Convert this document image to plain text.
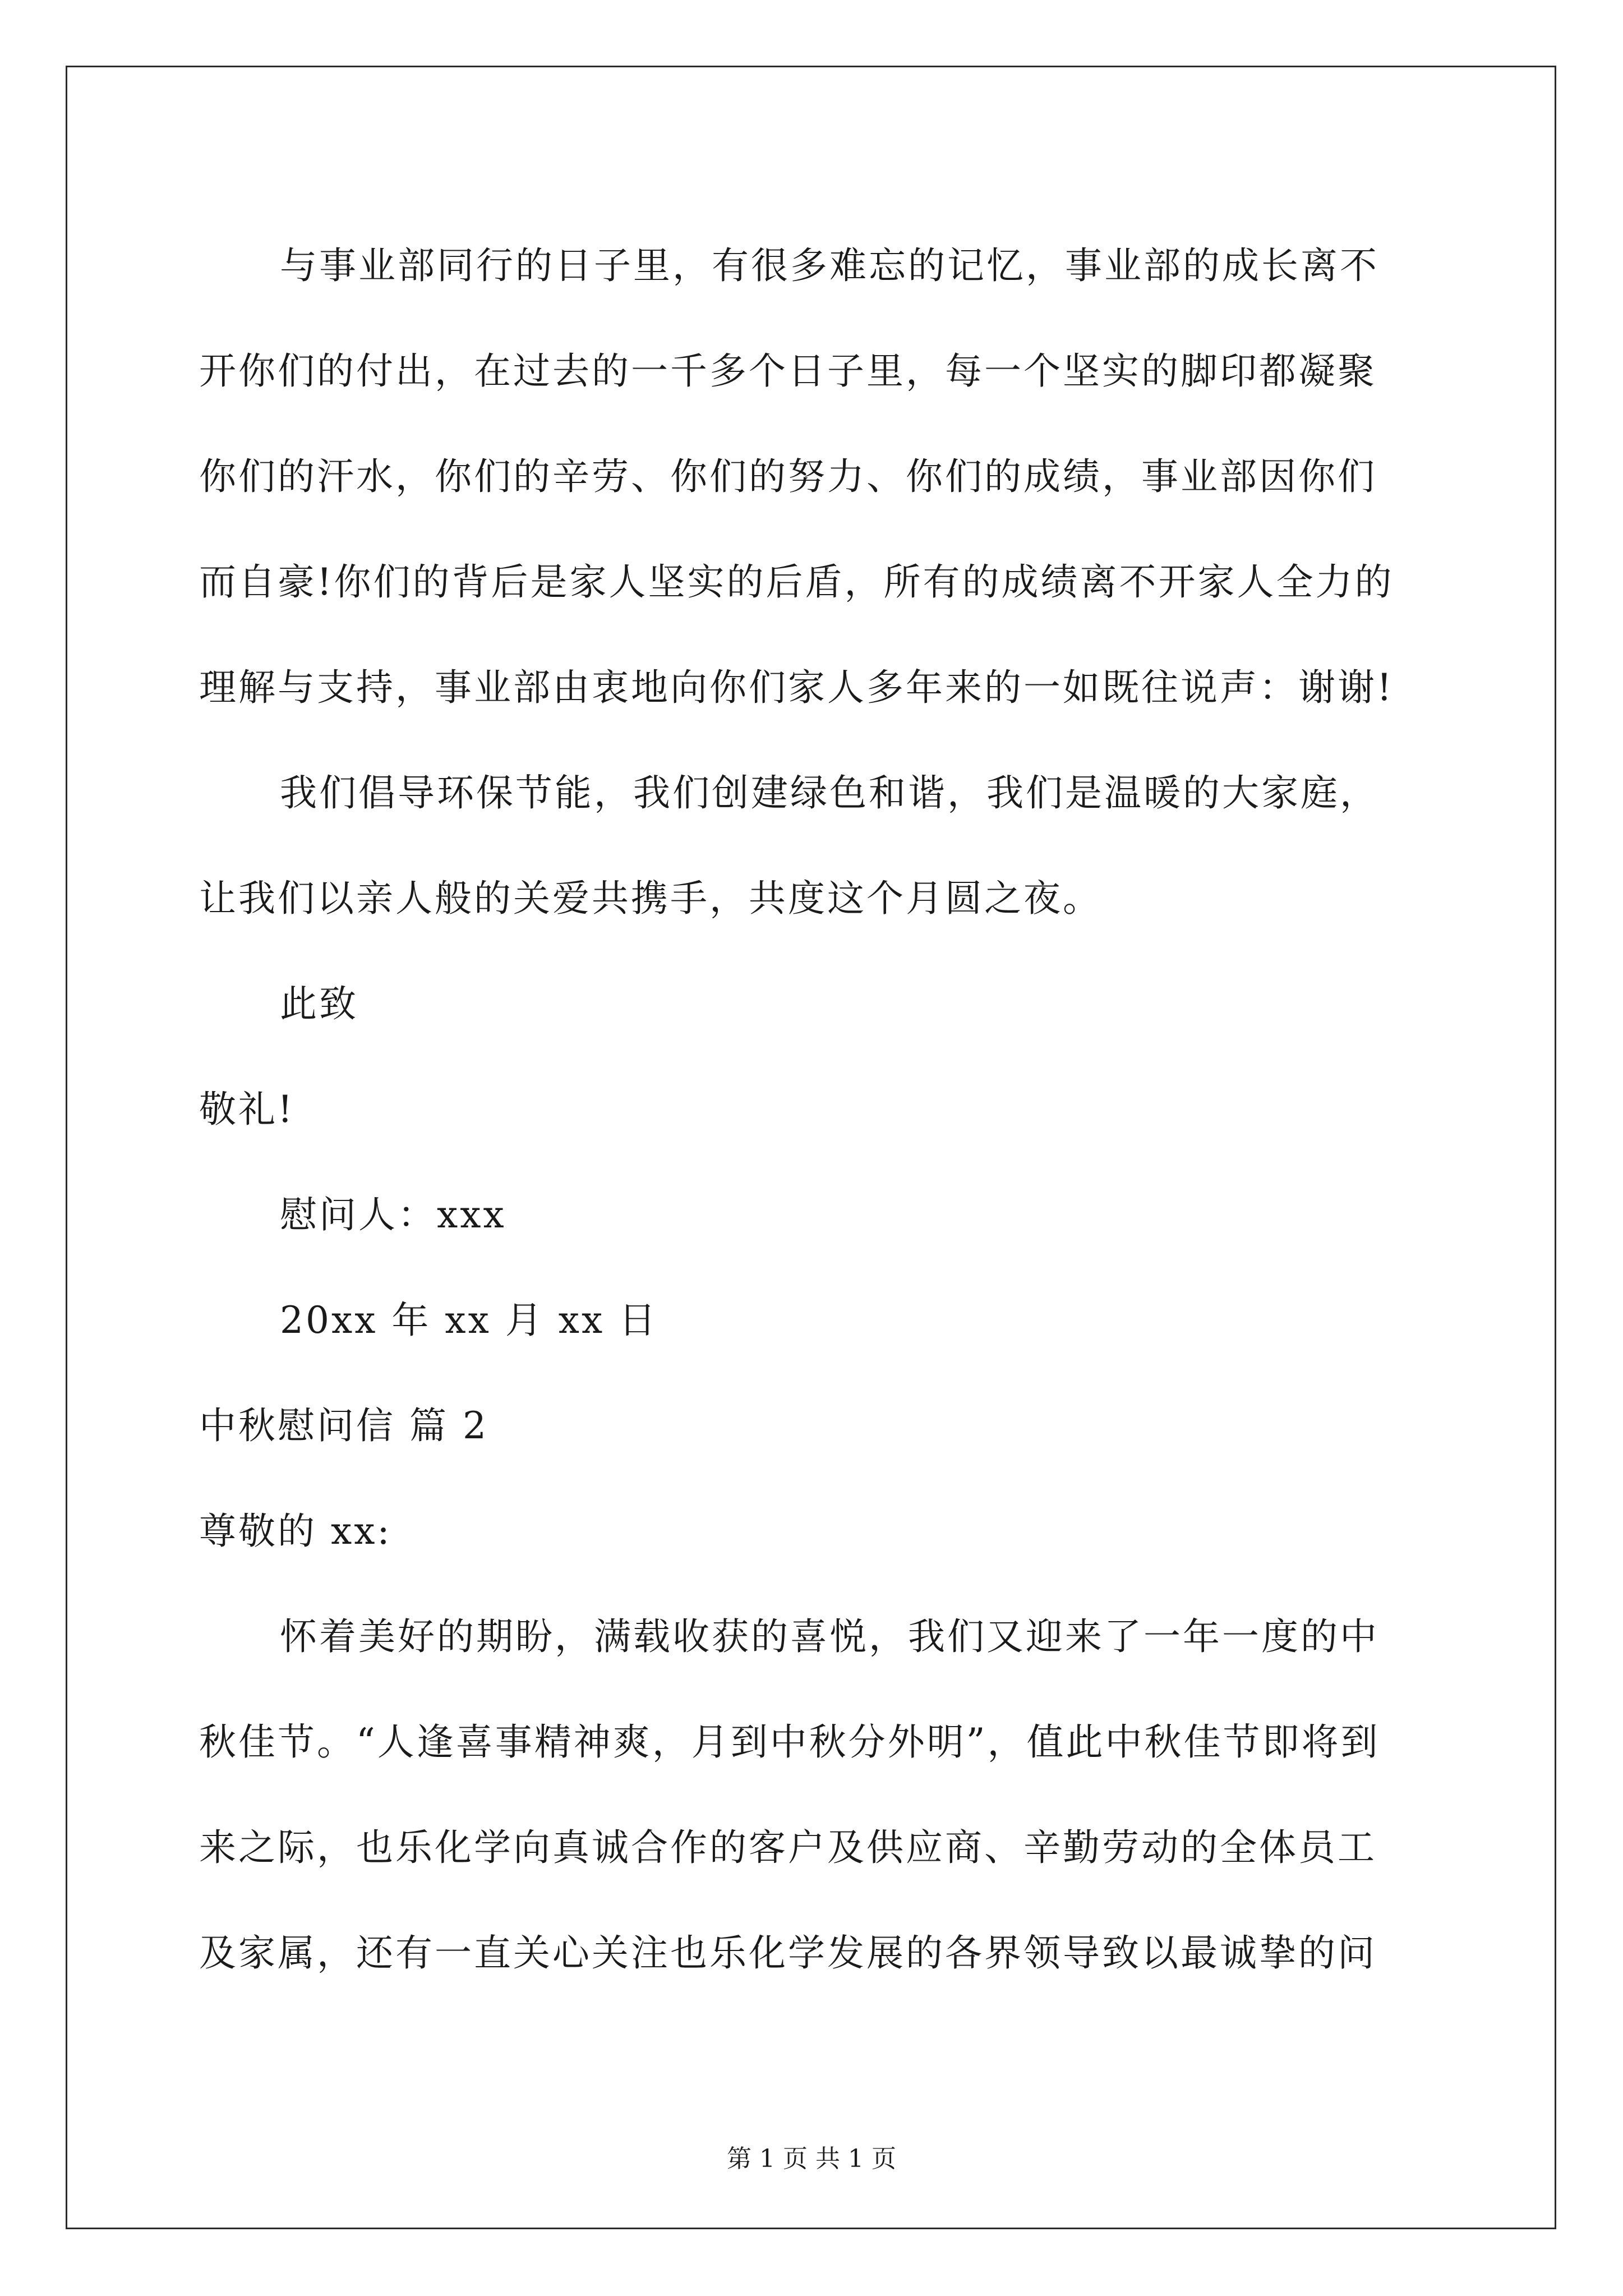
与事业部同行的日子里，有很多难忘的记忆，事业部的成长离不

开你们的付出，在过去的一千多个日子里，每一个坚实的脚印都凝聚

你们的汗水，你们的辛劳、你们的努力、你们的成绩，事业部因你们

而自豪!你们的背后是家人坚实的后盾，所有的成绩离不开家人全力的

理解与支持，事业部由衷地向你们家人多年来的一如既往说声：谢谢!

我们倡导环保节能，我们创建绿色和谐，我们是温暖的大家庭，

让我们以亲人般的关爱共携手，共度这个月圆之夜。

此致

敬礼!

慰问人：xxx

20xx 年 xx 月 xx 日

中秋慰问信 篇 2

尊敬的 xx:

怀着美好的期盼，满载收获的喜悦，我们又迎来了一年一度的中

秋佳节。“人逢喜事精神爽，月到中秋分外明”，值此中秋佳节即将到

来之际，也乐化学向真诚合作的客户及供应商、辛勤劳动的全体员工

及家属，还有一直关心关注也乐化学发展的各界领导致以最诚挚的问

第 1 页 共 1 页
